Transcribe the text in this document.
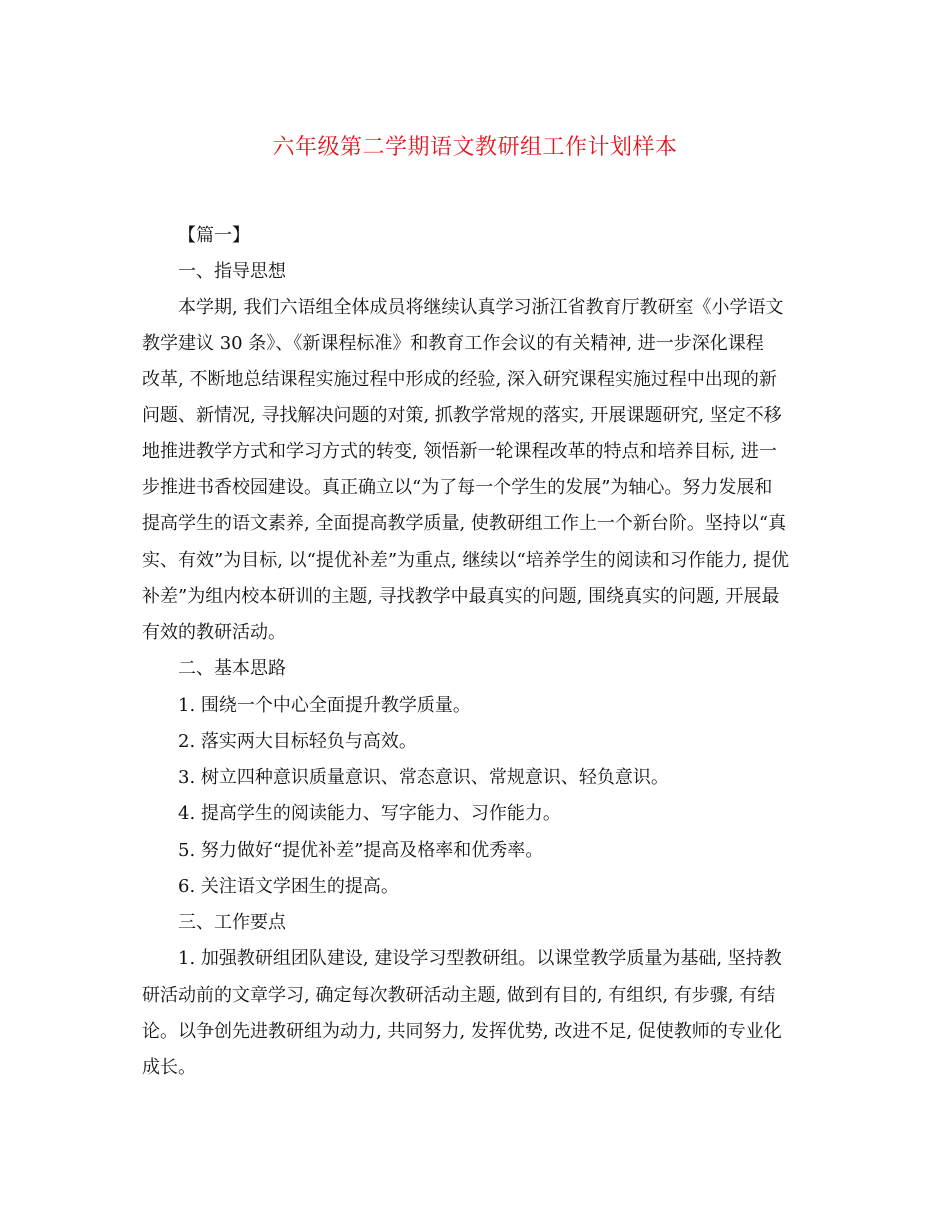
六年级第二学期语文教研组工作计划样本
【篇一】
一、指导思想
本学期, 我们六语组全体成员将继续认真学习浙江省教育厅教研室《小学语文
教学建议 30 条》、《新课程标准》和教育工作会议的有关精神, 进一步深化课程
改革, 不断地总结课程实施过程中形成的经验, 深入研究课程实施过程中出现的新
问题、新情况, 寻找解决问题的对策, 抓教学常规的落实, 开展课题研究, 坚定不移
地推进教学方式和学习方式的转变, 领悟新一轮课程改革的特点和培养目标, 进一
步推进书香校园建设。真正确立以“为了每一个学生的发展”为轴心。努力发展和
提高学生的语文素养, 全面提高教学质量, 使教研组工作上一个新台阶。坚持以“真
实、有效”为目标, 以“提优补差”为重点, 继续以“培养学生的阅读和习作能力, 提优
补差”为组内校本研训的主题, 寻找教学中最真实的问题, 围绕真实的问题, 开展最
有效的教研活动。
二、基本思路
1. 围绕一个中心全面提升教学质量。
2. 落实两大目标轻负与高效。
3. 树立四种意识质量意识、常态意识、常规意识、轻负意识。
4. 提高学生的阅读能力、写字能力、习作能力。
5. 努力做好“提优补差”提高及格率和优秀率。
6. 关注语文学困生的提高。
三、工作要点
1. 加强教研组团队建设, 建设学习型教研组。以课堂教学质量为基础, 坚持教
研活动前的文章学习, 确定每次教研活动主题, 做到有目的, 有组织, 有步骤, 有结
论。以争创先进教研组为动力, 共同努力, 发挥优势, 改进不足, 促使教师的专业化
成长。
